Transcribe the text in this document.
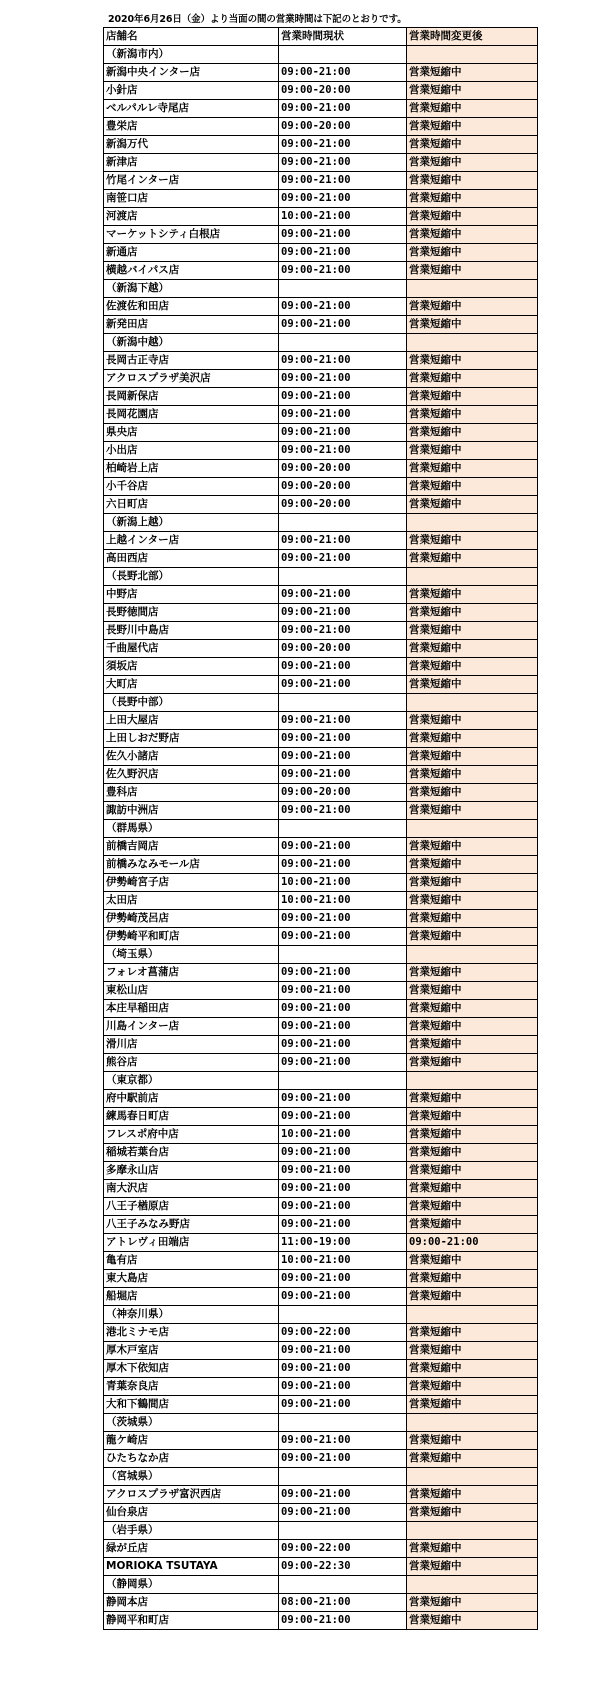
2020年6月26日（金）より当面の間の営業時間は下記のとおりです。
店舗名	営業時間現状	営業時間変更後
（新潟市内）		
新潟中央インター店	09:00-21:00	営業短縮中
小針店	09:00-20:00	営業短縮中
ベルパルレ寺尾店	09:00-21:00	営業短縮中
豊栄店	09:00-20:00	営業短縮中
新潟万代	09:00-21:00	営業短縮中
新津店	09:00-21:00	営業短縮中
竹尾インター店	09:00-21:00	営業短縮中
南笹口店	09:00-21:00	営業短縮中
河渡店	10:00-21:00	営業短縮中
マーケットシティ白根店	09:00-21:00	営業短縮中
新通店	09:00-21:00	営業短縮中
横越バイパス店	09:00-21:00	営業短縮中
（新潟下越）		
佐渡佐和田店	09:00-21:00	営業短縮中
新発田店	09:00-21:00	営業短縮中
（新潟中越）		
長岡古正寺店	09:00-21:00	営業短縮中
アクロスプラザ美沢店	09:00-21:00	営業短縮中
長岡新保店	09:00-21:00	営業短縮中
長岡花園店	09:00-21:00	営業短縮中
県央店	09:00-21:00	営業短縮中
小出店	09:00-21:00	営業短縮中
柏崎岩上店	09:00-20:00	営業短縮中
小千谷店	09:00-20:00	営業短縮中
六日町店	09:00-20:00	営業短縮中
（新潟上越）		
上越インター店	09:00-21:00	営業短縮中
高田西店	09:00-21:00	営業短縮中
（長野北部）		
中野店	09:00-21:00	営業短縮中
長野徳間店	09:00-21:00	営業短縮中
長野川中島店	09:00-21:00	営業短縮中
千曲屋代店	09:00-20:00	営業短縮中
須坂店	09:00-21:00	営業短縮中
大町店	09:00-21:00	営業短縮中
（長野中部）		
上田大屋店	09:00-21:00	営業短縮中
上田しおだ野店	09:00-21:00	営業短縮中
佐久小諸店	09:00-21:00	営業短縮中
佐久野沢店	09:00-21:00	営業短縮中
豊科店	09:00-20:00	営業短縮中
諏訪中洲店	09:00-21:00	営業短縮中
（群馬県）		
前橋吉岡店	09:00-21:00	営業短縮中
前橋みなみモール店	09:00-21:00	営業短縮中
伊勢崎宮子店	10:00-21:00	営業短縮中
太田店	10:00-21:00	営業短縮中
伊勢崎茂呂店	09:00-21:00	営業短縮中
伊勢崎平和町店	09:00-21:00	営業短縮中
（埼玉県）		
フォレオ菖蒲店	09:00-21:00	営業短縮中
東松山店	09:00-21:00	営業短縮中
本庄早稲田店	09:00-21:00	営業短縮中
川島インター店	09:00-21:00	営業短縮中
滑川店	09:00-21:00	営業短縮中
熊谷店	09:00-21:00	営業短縮中
（東京都）		
府中駅前店	09:00-21:00	営業短縮中
練馬春日町店	09:00-21:00	営業短縮中
フレスポ府中店	10:00-21:00	営業短縮中
稲城若葉台店	09:00-21:00	営業短縮中
多摩永山店	09:00-21:00	営業短縮中
南大沢店	09:00-21:00	営業短縮中
八王子楢原店	09:00-21:00	営業短縮中
八王子みなみ野店	09:00-21:00	営業短縮中
アトレヴィ田端店	11:00-19:00	09:00-21:00
亀有店	10:00-21:00	営業短縮中
東大島店	09:00-21:00	営業短縮中
船堀店	09:00-21:00	営業短縮中
（神奈川県）		
港北ミナモ店	09:00-22:00	営業短縮中
厚木戸室店	09:00-21:00	営業短縮中
厚木下依知店	09:00-21:00	営業短縮中
青葉奈良店	09:00-21:00	営業短縮中
大和下鶴間店	09:00-21:00	営業短縮中
（茨城県）		
龍ケ崎店	09:00-21:00	営業短縮中
ひたちなか店	09:00-21:00	営業短縮中
（宮城県）		
アクロスプラザ富沢西店	09:00-21:00	営業短縮中
仙台泉店	09:00-21:00	営業短縮中
（岩手県）		
緑が丘店	09:00-22:00	営業短縮中
MORIOKA TSUTAYA	09:00-22:30	営業短縮中
（静岡県）		
静岡本店	08:00-21:00	営業短縮中
静岡平和町店	09:00-21:00	営業短縮中
